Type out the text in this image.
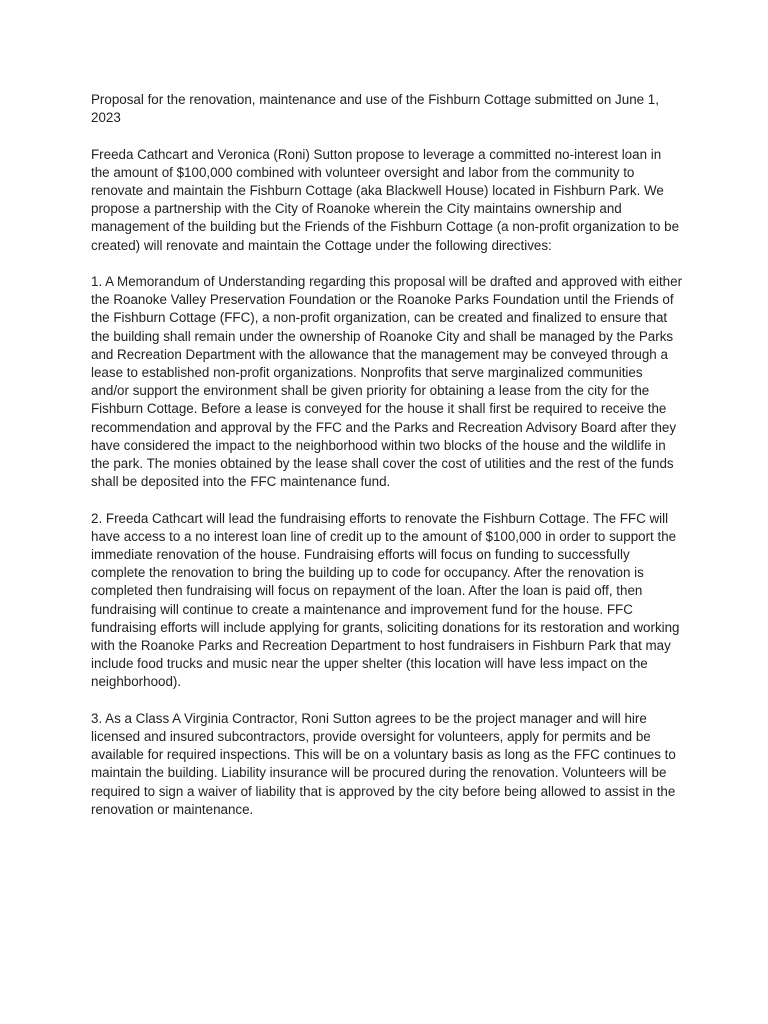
Proposal for the renovation, maintenance and use of the Fishburn Cottage submitted on June 1, 2023

Freeda Cathcart and Veronica (Roni) Sutton propose to leverage a committed no-interest loan in the amount of $100,000 combined with volunteer oversight and labor from the community to renovate and maintain the Fishburn Cottage (aka Blackwell House) located in Fishburn Park. We propose a partnership with the City of Roanoke wherein the City maintains ownership and management of the building but the Friends of the Fishburn Cottage (a non-profit organization to be created) will renovate and maintain the Cottage under the following directives:

1. A Memorandum of Understanding regarding this proposal will be drafted and approved with either the Roanoke Valley Preservation Foundation or the Roanoke Parks Foundation until the Friends of the Fishburn Cottage (FFC), a non-profit organization, can be created and finalized to ensure that the building shall remain under the ownership of Roanoke City and shall be managed by the Parks and Recreation Department with the allowance that the management may be conveyed through a lease to established non-profit organizations. Nonprofits that serve marginalized communities and/or support the environment shall be given priority for obtaining a lease from the city for the Fishburn Cottage. Before a lease is conveyed for the house it shall first be required to receive the recommendation and approval by the FFC and the Parks and Recreation Advisory Board after they have considered the impact to the neighborhood within two blocks of the house and the wildlife in the park. The monies obtained by the lease shall cover the cost of utilities and the rest of the funds shall be deposited into the FFC maintenance fund.

2. Freeda Cathcart will lead the fundraising efforts to renovate the Fishburn Cottage. The FFC will have access to a no interest loan line of credit up to the amount of $100,000 in order to support the immediate renovation of the house. Fundraising efforts will focus on funding to successfully complete the renovation to bring the building up to code for occupancy. After the renovation is completed then fundraising will focus on repayment of the loan. After the loan is paid off, then fundraising will continue to create a maintenance and improvement fund for the house. FFC fundraising efforts will include applying for grants, soliciting donations for its restoration and working with the Roanoke Parks and Recreation Department to host fundraisers in Fishburn Park that may include food trucks and music near the upper shelter (this location will have less impact on the neighborhood).

3. As a Class A Virginia Contractor, Roni Sutton agrees to be the project manager and will hire licensed and insured subcontractors, provide oversight for volunteers, apply for permits and be available for required inspections. This will be on a voluntary basis as long as the FFC continues to maintain the building. Liability insurance will be procured during the renovation. Volunteers will be required to sign a waiver of liability that is approved by the city before being allowed to assist in the renovation or maintenance.
